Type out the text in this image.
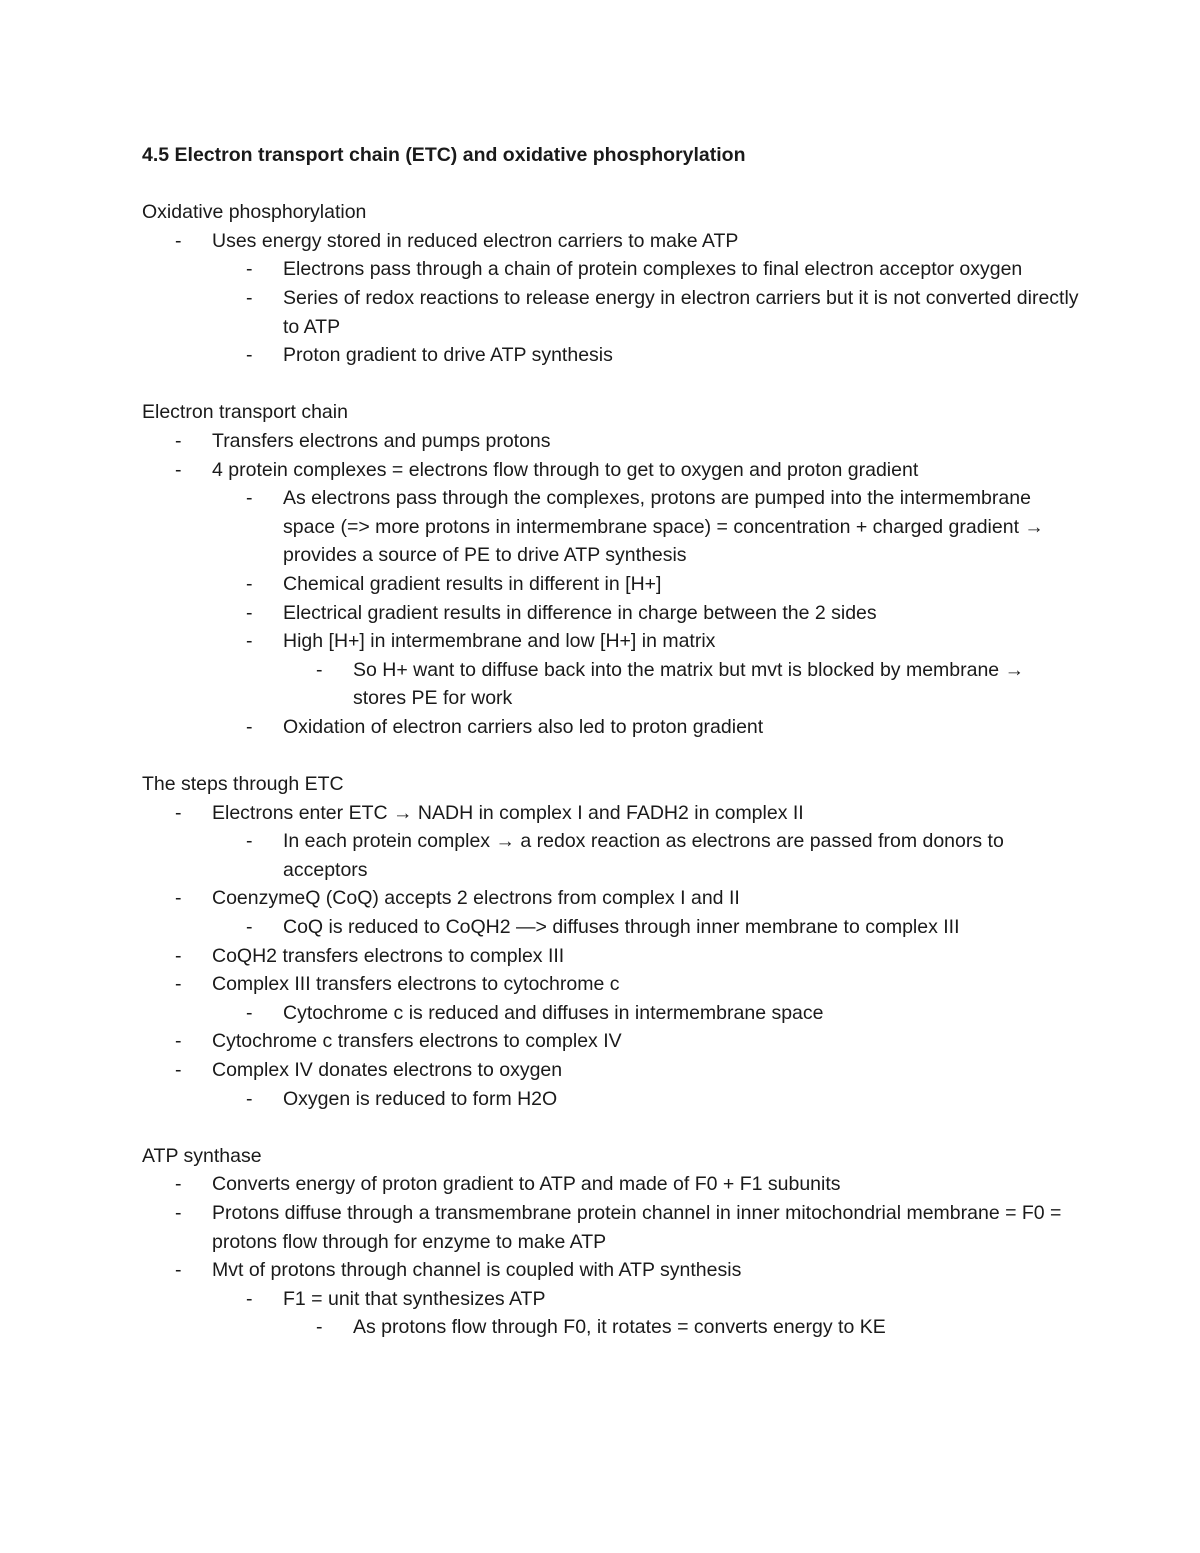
4.5 Electron transport chain (ETC) and oxidative phosphorylation

Oxidative phosphorylation

- Uses energy stored in reduced electron carriers to make ATP
- Electrons pass through a chain of protein complexes to final electron acceptor oxygen
- Series of redox reactions to release energy in electron carriers but it is not converted directly to ATP
- Proton gradient to drive ATP synthesis

Electron transport chain

- Transfers electrons and pumps protons
- 4 protein complexes = electrons flow through to get to oxygen and proton gradient
- As electrons pass through the complexes, protons are pumped into the intermembrane space (=> more protons in intermembrane space) = concentration + charged gradient → provides a source of PE to drive ATP synthesis
- Chemical gradient results in different in [H+]
- Electrical gradient results in difference in charge between the 2 sides
- High [H+] in intermembrane and low [H+] in matrix
- So H+ want to diffuse back into the matrix but mvt is blocked by membrane → stores PE for work
- Oxidation of electron carriers also led to proton gradient

The steps through ETC

- Electrons enter ETC → NADH in complex I and FADH2 in complex II
- In each protein complex → a redox reaction as electrons are passed from donors to acceptors
- CoenzymeQ (CoQ) accepts 2 electrons from complex I and II
- CoQ is reduced to CoQH2 —> diffuses through inner membrane to complex III
- CoQH2 transfers electrons to complex III
- Complex III transfers electrons to cytochrome c
- Cytochrome c is reduced and diffuses in intermembrane space
- Cytochrome c transfers electrons to complex IV
- Complex IV donates electrons to oxygen
- Oxygen is reduced to form H2O

ATP synthase

- Converts energy of proton gradient to ATP and made of F0 + F1 subunits
- Protons diffuse through a transmembrane protein channel in inner mitochondrial membrane = F0 = protons flow through for enzyme to make ATP
- Mvt of protons through channel is coupled with ATP synthesis
- F1 = unit that synthesizes ATP
- As protons flow through F0, it rotates = converts energy to KE
